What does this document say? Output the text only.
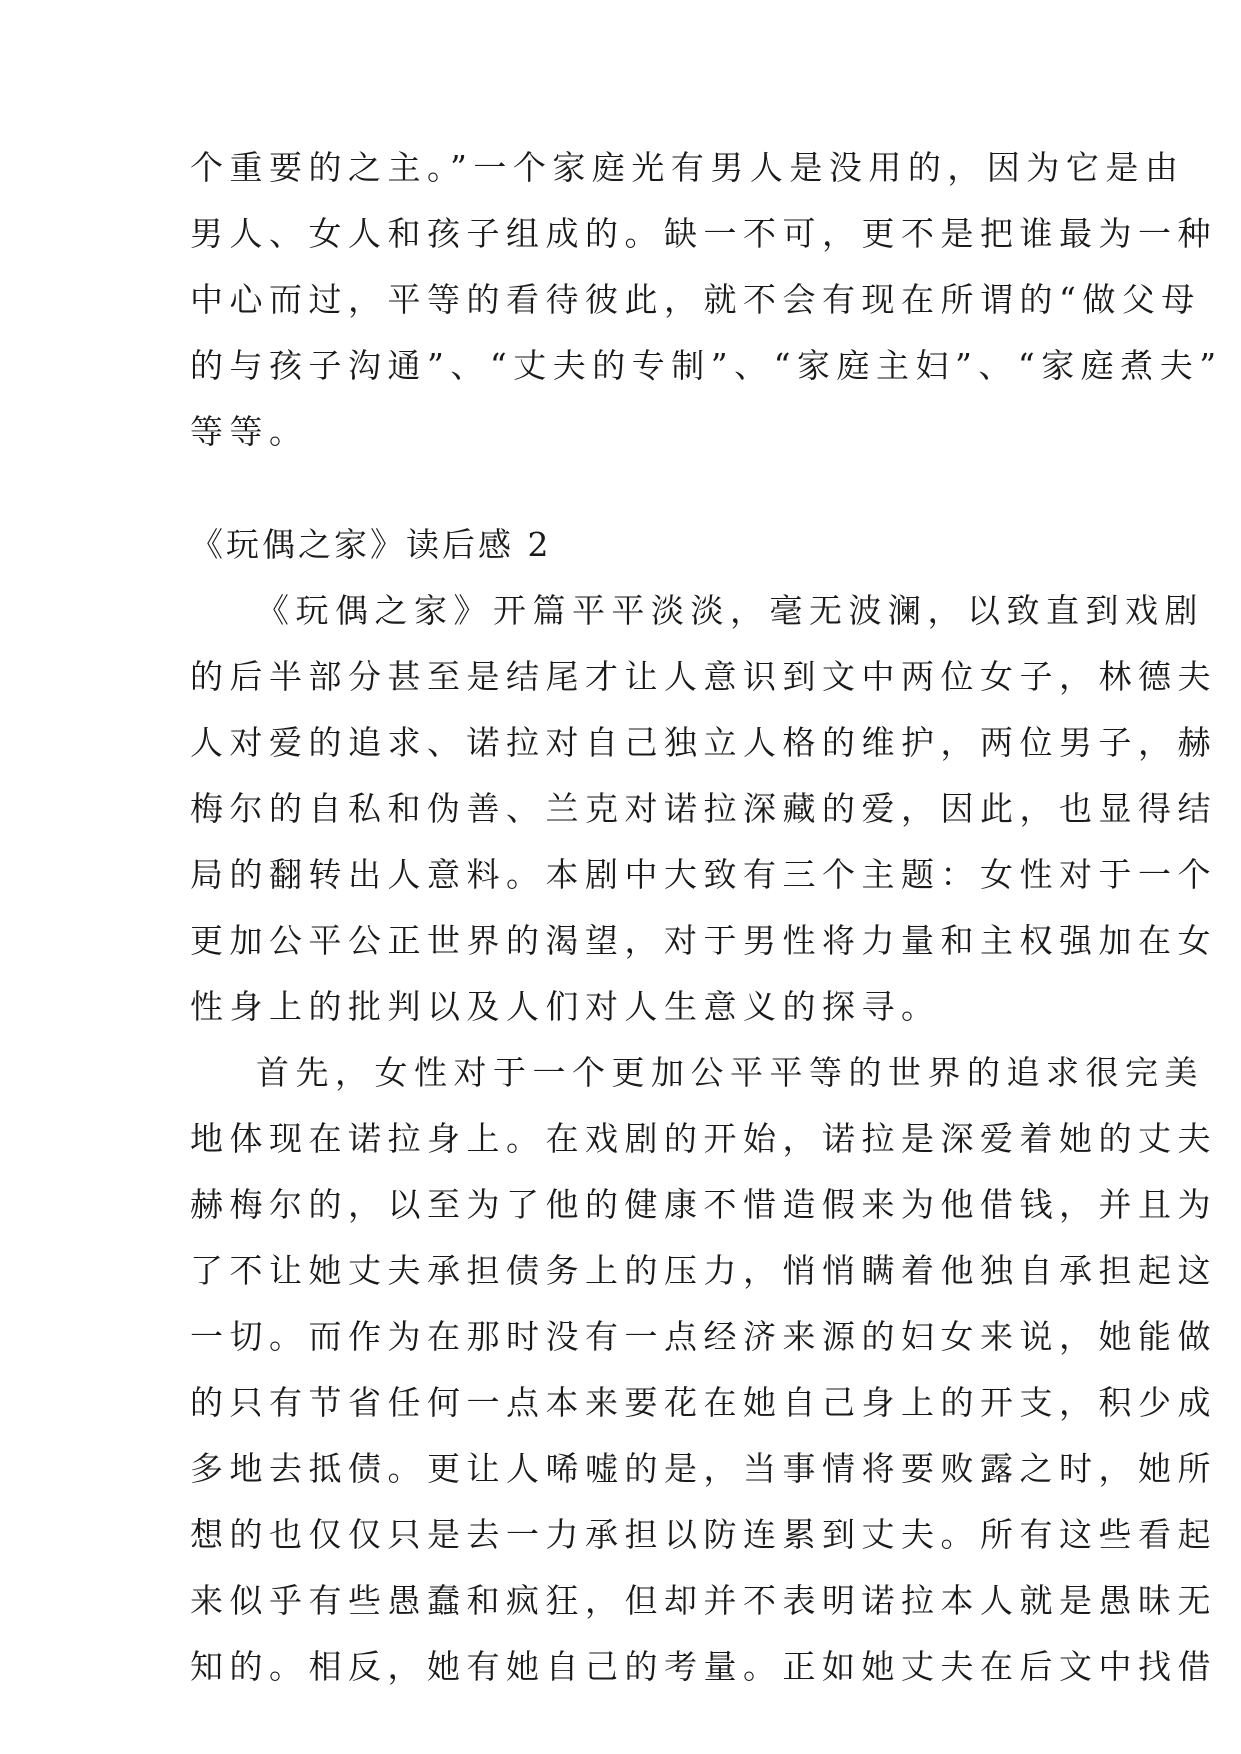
个重要的之主。”一个家庭光有男人是没用的，因为它是由
男人、女人和孩子组成的。缺一不可，更不是把谁最为一种
中心而过，平等的看待彼此，就不会有现在所谓的“做父母
的与孩子沟通”、“丈夫的专制”、“家庭主妇”、“家庭煮夫”
等等。
《玩偶之家》读后感 2
《玩偶之家》开篇平平淡淡，毫无波澜，以致直到戏剧
的后半部分甚至是结尾才让人意识到文中两位女子，林德夫
人对爱的追求、诺拉对自己独立人格的维护，两位男子，赫
梅尔的自私和伪善、兰克对诺拉深藏的爱，因此，也显得结
局的翻转出人意料。本剧中大致有三个主题：女性对于一个
更加公平公正世界的渴望，对于男性将力量和主权强加在女
性身上的批判以及人们对人生意义的探寻。
首先，女性对于一个更加公平平等的世界的追求很完美
地体现在诺拉身上。在戏剧的开始，诺拉是深爱着她的丈夫
赫梅尔的，以至为了他的健康不惜造假来为他借钱，并且为
了不让她丈夫承担债务上的压力，悄悄瞒着他独自承担起这
一切。而作为在那时没有一点经济来源的妇女来说，她能做
的只有节省任何一点本来要花在她自己身上的开支，积少成
多地去抵债。更让人唏嘘的是，当事情将要败露之时，她所
想的也仅仅只是去一力承担以防连累到丈夫。所有这些看起
来似乎有些愚蠢和疯狂，但却并不表明诺拉本人就是愚昧无
知的。相反，她有她自己的考量。正如她丈夫在后文中找借
